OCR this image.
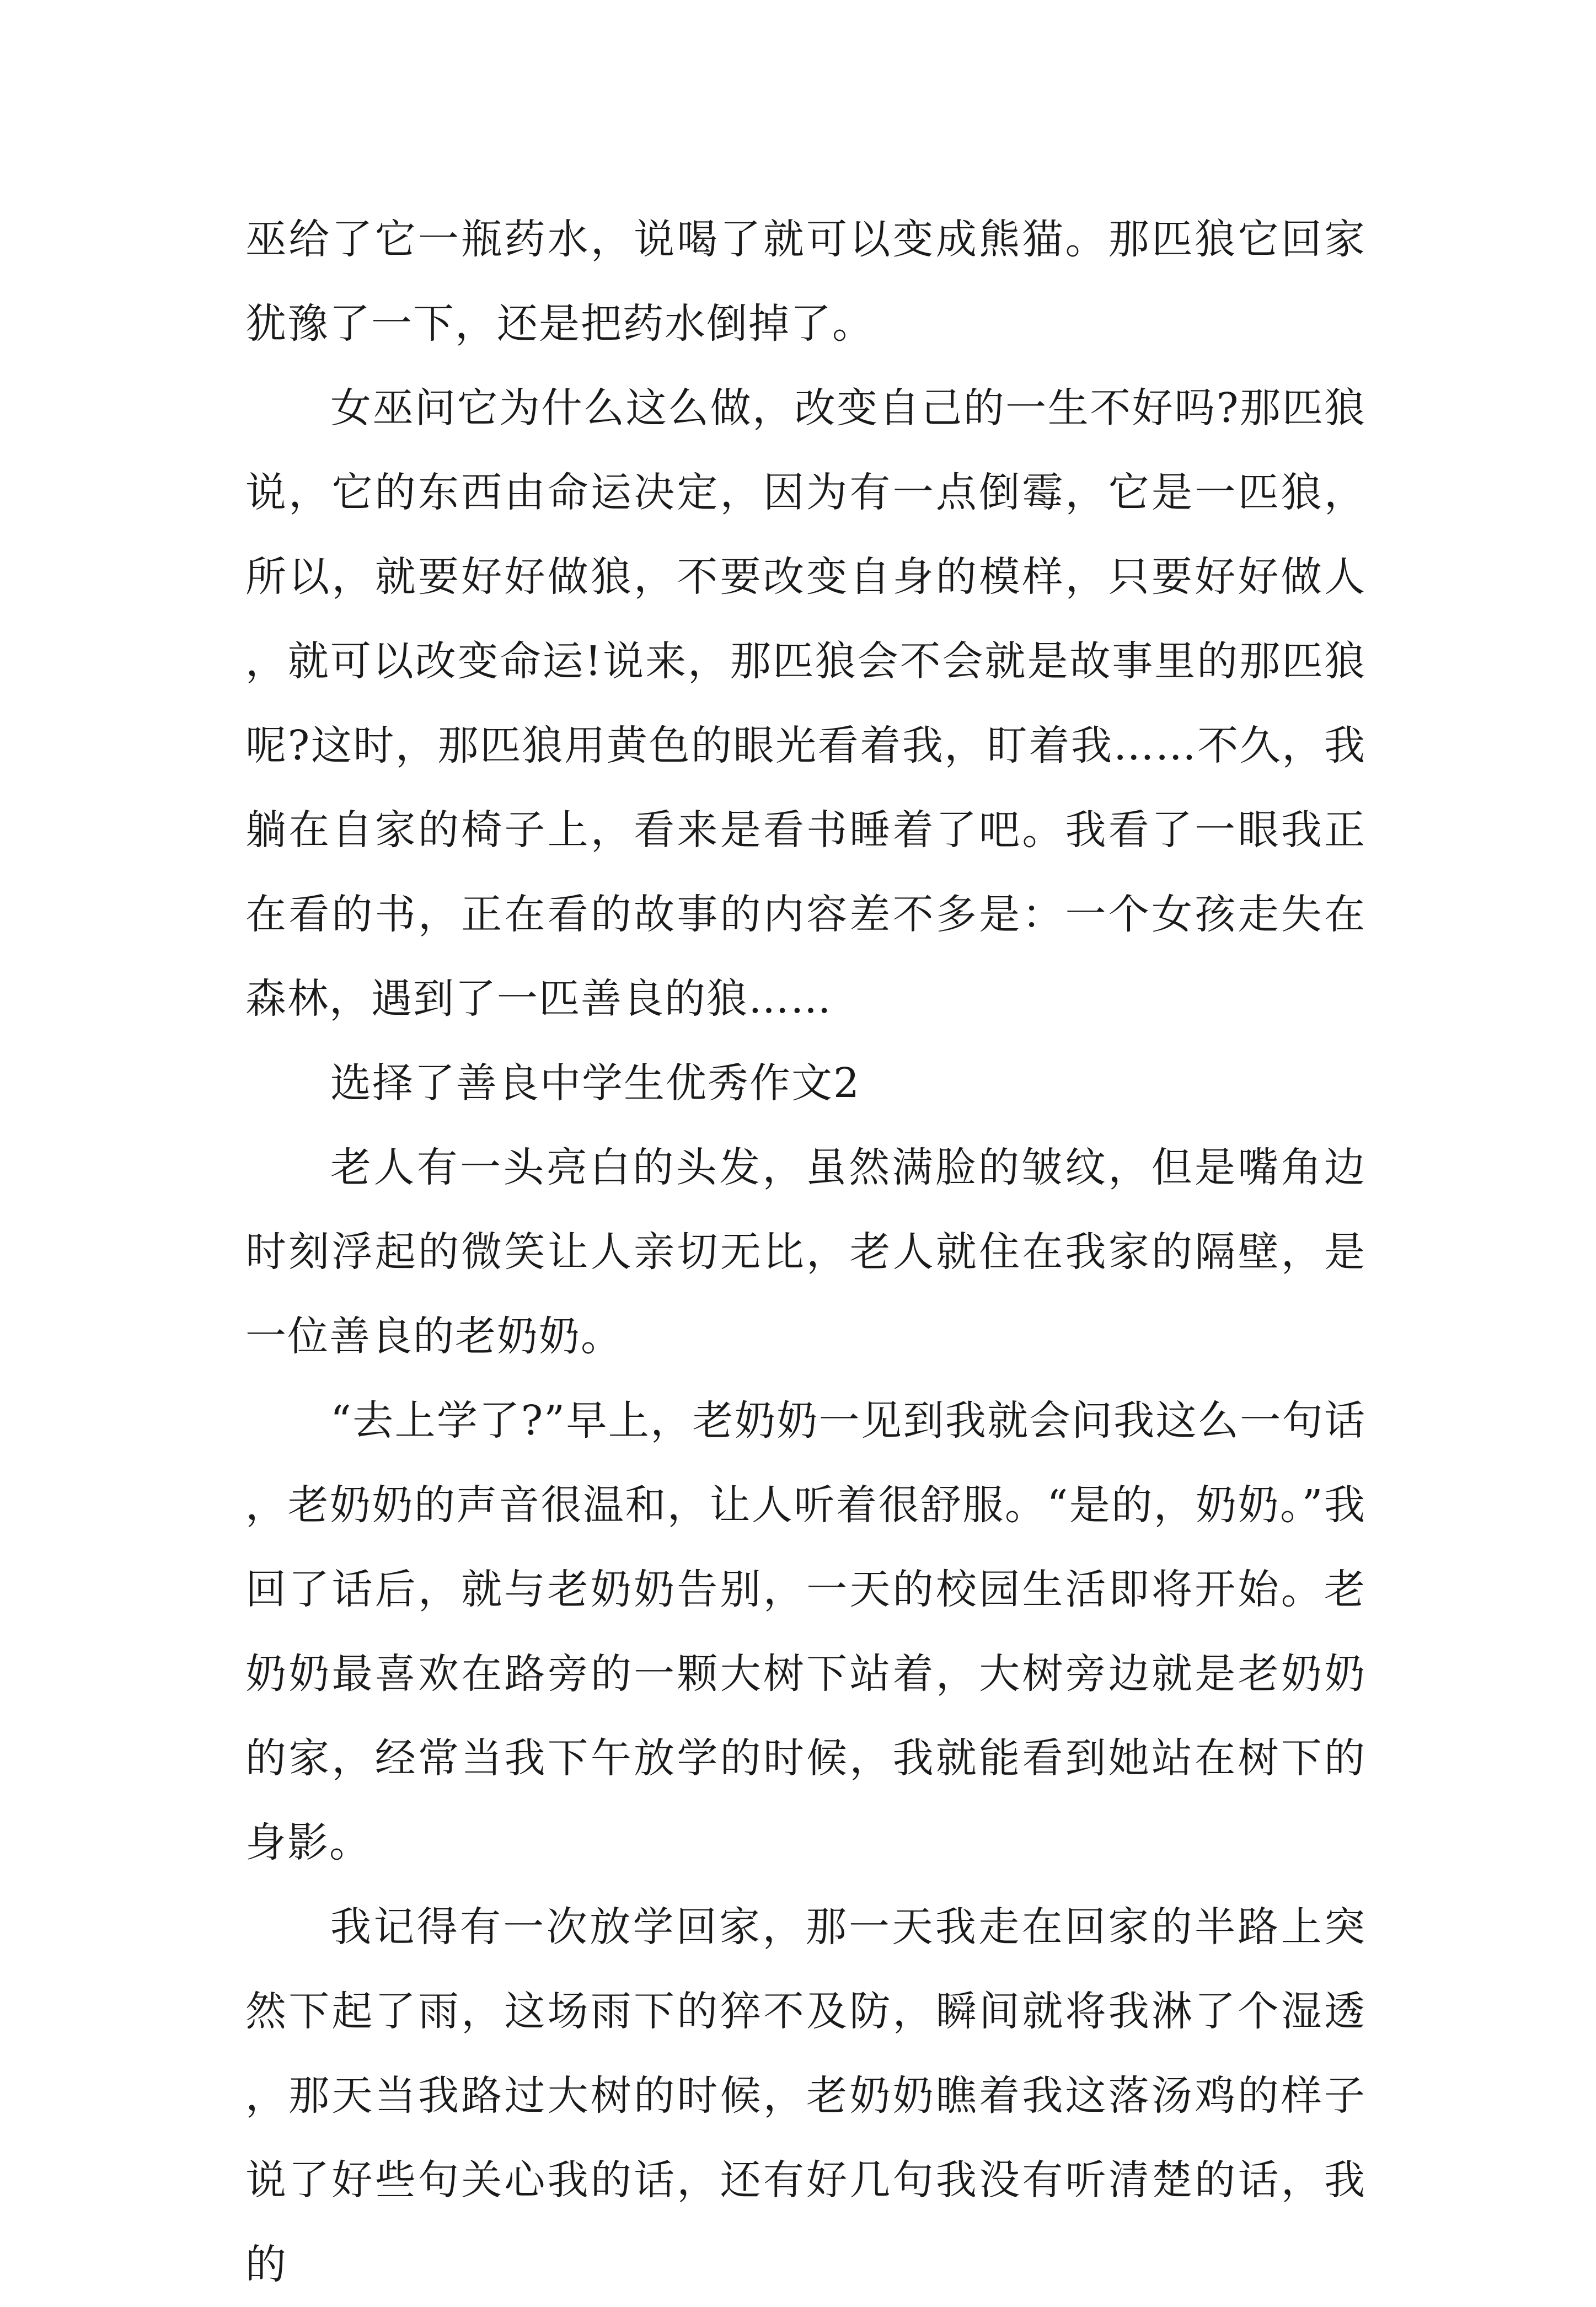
巫给了它一瓶药水，说喝了就可以变成熊猫。那匹狼它回家犹豫了一下，还是把药水倒掉了。

女巫问它为什么这么做，改变自己的一生不好吗?那匹狼说，它的东西由命运决定，因为有一点倒霉，它是一匹狼，所以，就要好好做狼，不要改变自身的模样，只要好好做人，就可以改变命运!说来，那匹狼会不会就是故事里的那匹狼呢?这时，那匹狼用黄色的眼光看着我，盯着我……不久，我躺在自家的椅子上，看来是看书睡着了吧。我看了一眼我正在看的书，正在看的故事的内容差不多是：一个女孩走失在森林，遇到了一匹善良的狼……

选择了善良中学生优秀作文2

老人有一头亮白的头发，虽然满脸的皱纹，但是嘴角边时刻浮起的微笑让人亲切无比，老人就住在我家的隔壁，是一位善良的老奶奶。

“去上学了?”早上，老奶奶一见到我就会问我这么一句话，老奶奶的声音很温和，让人听着很舒服。“是的，奶奶。”我回了话后，就与老奶奶告别，一天的校园生活即将开始。老奶奶最喜欢在路旁的一颗大树下站着，大树旁边就是老奶奶的家，经常当我下午放学的时候，我就能看到她站在树下的身影。

我记得有一次放学回家，那一天我走在回家的半路上突然下起了雨，这场雨下的猝不及防，瞬间就将我淋了个湿透，那天当我路过大树的时候，老奶奶瞧着我这落汤鸡的样子说了好些句关心我的话，还有好几句我没有听清楚的话，我的
